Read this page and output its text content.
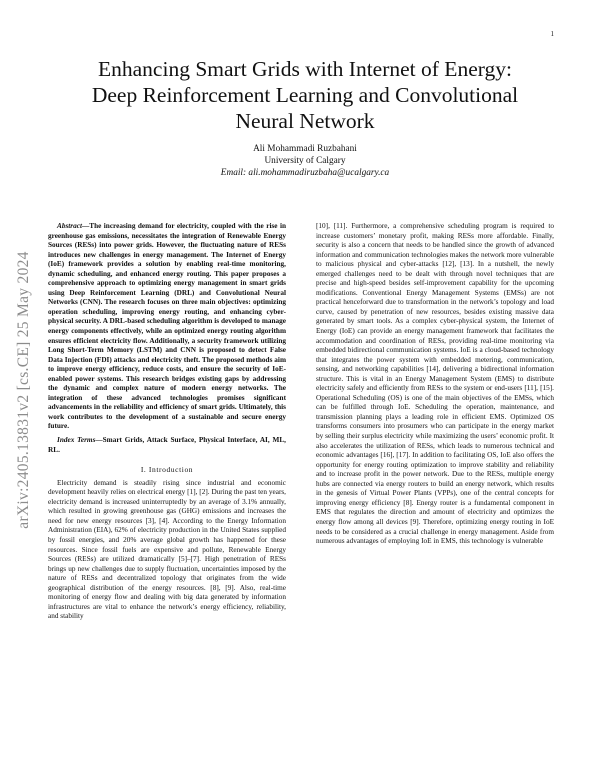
1
arXiv:2405.13831v2 [cs.CE] 25 May 2024
Enhancing Smart Grids with Internet of Energy:
Deep Reinforcement Learning and Convolutional
Neural Network
Ali Mohammadi Ruzbahani
University of Calgary
Email: ali.mohammadiruzbaha@ucalgary.ca

Abstract—The increasing demand for electricity, coupled with the rise in greenhouse gas emissions, necessitates the integration of Renewable Energy Sources (RESs) into power grids. However, the fluctuating nature of RESs introduces new challenges in energy management. The Internet of Energy (IoE) framework provides a solution by enabling real-time monitoring, dynamic scheduling, and enhanced energy routing. This paper proposes a comprehensive approach to optimizing energy management in smart grids using Deep Reinforcement Learning (DRL) and Convolutional Neural Networks (CNN). The research focuses on three main objectives: optimizing operation scheduling, improving energy routing, and enhancing cyber-physical security. A DRL-based scheduling algorithm is developed to manage energy components effectively, while an optimized energy routing algorithm ensures efficient electricity flow. Additionally, a security framework utilizing Long Short-Term Memory (LSTM) and CNN is proposed to detect False Data Injection (FDI) attacks and electricity theft. The proposed methods aim to improve energy efficiency, reduce costs, and ensure the security of IoE-enabled power systems. This research bridges existing gaps by addressing the dynamic and complex nature of modern energy networks. The integration of these advanced technologies promises significant advancements in the reliability and efficiency of smart grids. Ultimately, this work contributes to the development of a sustainable and secure energy future.

Index Terms—Smart Grids, Attack Surface, Physical Interface, AI, ML, RL.

I. Introduction

Electricity demand is steadily rising since industrial and economic development heavily relies on electrical energy [1], [2]. During the past ten years, electricity demand is increased uninterruptedly by an average of 3.1% annually, which resulted in growing greenhouse gas (GHG) emissions and increases the need for new energy resources [3], [4]. According to the Energy Information Administration (EIA), 62% of electricity production in the United States supplied by fossil energies, and 20% average global growth has happened for these resources. Since fossil fuels are expensive and pollute, Renewable Energy Sources (RESs) are utilized dramatically [5]–[7]. High penetration of RESs brings up new challenges due to supply fluctuation, uncertainties imposed by the nature of RESs and decentralized topology that originates from the wide geographical distribution of the energy resources. [8], [9]. Also, real-time monitoring of energy flow and dealing with big data generated by information infrastructures are vital to enhance the network’s energy efficiency, reliability, and stability

[10], [11]. Furthermore, a comprehensive scheduling program is required to increase customers’ monetary profit, making RESs more affordable. Finally, security is also a concern that needs to be handled since the growth of advanced information and communication technologies makes the network more vulnerable to malicious physical and cyber-attacks [12], [13]. In a nutshell, the newly emerged challenges need to be dealt with through novel techniques that are precise and high-speed besides self-improvement capability for the upcoming modifications. Conventional Energy Management Systems (EMSs) are not practical henceforward due to transformation in the network’s topology and load curve, caused by penetration of new resources, besides existing massive data generated by smart tools. As a complex cyber-physical system, the Internet of Energy (IoE) can provide an energy management framework that facilitates the accommodation and coordination of RESs, providing real-time monitoring via embedded bidirectional communication systems. IoE is a cloud-based technology that integrates the power system with embedded metering, communication, sensing, and networking capabilities [14], delivering a bidirectional information structure. This is vital in an Energy Management System (EMS) to distribute electricity safely and efficiently from RESs to the system or end-users [11], [15]. Operational Scheduling (OS) is one of the main objectives of the EMSs, which can be fulfilled through IoE. Scheduling the operation, maintenance, and transmission planning plays a leading role in efficient EMS. Optimized OS transforms consumers into prosumers who can participate in the energy market by selling their surplus electricity while maximizing the users’ economic profit. It also accelerates the utilization of RESs, which leads to numerous technical and economic advantages [16], [17]. In addition to facilitating OS, IoE also offers the opportunity for energy routing optimization to improve stability and reliability and to increase profit in the power network. Due to the RESs, multiple energy hubs are connected via energy routers to build an energy network, which results in the genesis of Virtual Power Plants (VPPs), one of the central concepts for improving energy efficiency [8]. Energy router is a fundamental component in EMS that regulates the direction and amount of electricity and optimizes the energy flow among all devices [9]. Therefore, optimizing energy routing in IoE needs to be considered as a crucial challenge in energy management. Aside from numerous advantages of employing IoE in EMS, this technology is vulnerable
